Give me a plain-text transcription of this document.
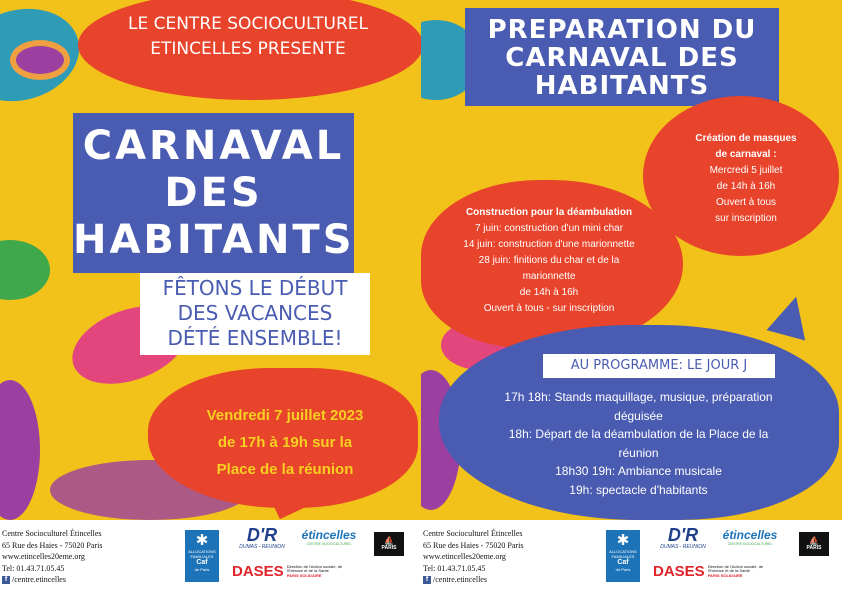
LE CENTRE SOCIOCULTUREL
ETINCELLES PRESENTE
CARNAVAL
DES
HABITANTS
FÊTONS LE DÉBUT
DES VACANCES
DÉTÉ ENSEMBLE!
Vendredi 7 juillet 2023
de 17h à 19h sur la
Place de la réunion
PREPARATION DU
CARNAVAL DES
HABITANTS
Création de masques
de carnaval :
Mercredi 5 juillet
de 14h à 16h
Ouvert à tous
sur inscription
Construction pour la déambulation
7 juin: construction d'un mini char
14 juin: construction d'une marionnette
28 juin: finitions du char et de la
marionnette
de 14h à 16h
Ouvert à tous - sur inscription
AU PROGRAMME: LE JOUR J
17h 18h: Stands maquillage, musique, préparation
déguisée
18h: Départ de la déambulation de la Place de la
réunion
18h30 19h: Ambiance musicale
19h: spectacle d'habitants
Centre Socioculturel Étincelles
65 Rue des Haies - 75020 Paris
www.etincelles20eme.org
Tel: 01.43.71.05.45
f /centre.etincelles
✱
ALLOCATIONS FAMILIALES
Caf
de Paris
D'R
DUMAS - REUNION
étincelles
CENTRE SOCIOCULTUREL
DASES Direction de l'Action sociale, de l'Enfance et de la Santé
PARIS SOLIDAIRE
⛵
PARIS
Centre Socioculturel Étincelles
65 Rue des Haies - 75020 Paris
www.etincelles20eme.org
Tel: 01.43.71.05.45
f /centre.etincelles
✱
ALLOCATIONS FAMILIALES
Caf
de Paris
D'R
DUMAS - REUNION
étincelles
CENTRE SOCIOCULTUREL
DASES Direction de l'Action sociale, de l'Enfance et de la Santé
PARIS SOLIDAIRE
⛵
PARIS
